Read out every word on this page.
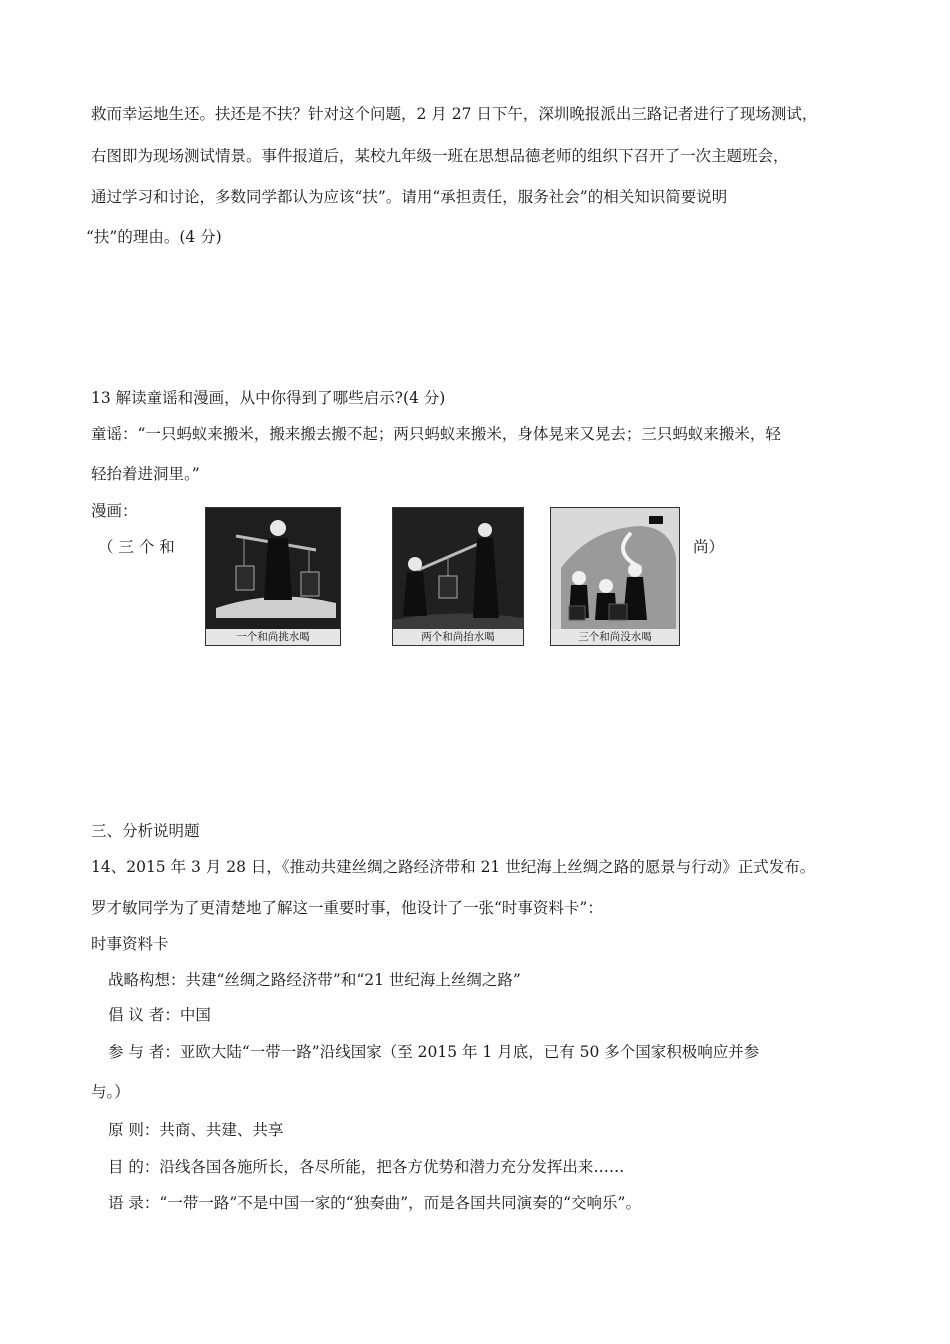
救而幸运地生还。扶还是不扶？针对这个问题，2 月 27 日下午，深圳晚报派出三路记者进行了现场测试，
右图即为现场测试情景。事件报道后，某校九年级一班在思想品德老师的组织下召开了一次主题班会，
通过学习和讨论，多数同学都认为应该“扶”。请用“承担责任，服务社会”的相关知识简要说明
“扶”的理由。(4 分)
13 解读童谣和漫画，从中你得到了哪些启示?(4 分)
童谣：“一只蚂蚁来搬米，搬来搬去搬不起；两只蚂蚁来搬米，身体晃来又晃去；三只蚂蚁来搬米，轻
轻抬着进洞里。”
漫画：
（ 三 个 和	尚）
一个和尚挑水喝	两个和尚抬水喝	三个和尚没水喝
三、分析说明题
14、2015 年 3 月 28 日，《推动共建丝绸之路经济带和 21 世纪海上丝绸之路的愿景与行动》正式发布。
罗才敏同学为了更清楚地了解这一重要时事，他设计了一张“时事资料卡”：
时事资料卡
战略构想：共建“丝绸之路经济带”和“21 世纪海上丝绸之路”
倡 议 者：中国
参 与 者：亚欧大陆“一带一路”沿线国家（至 2015 年 1 月底，已有 50 多个国家积极响应并参
与。）
原 则：共商、共建、共享
目 的：沿线各国各施所长，各尽所能，把各方优势和潜力充分发挥出来……
语 录：“一带一路”不是中国一家的“独奏曲”，而是各国共同演奏的“交响乐”。
